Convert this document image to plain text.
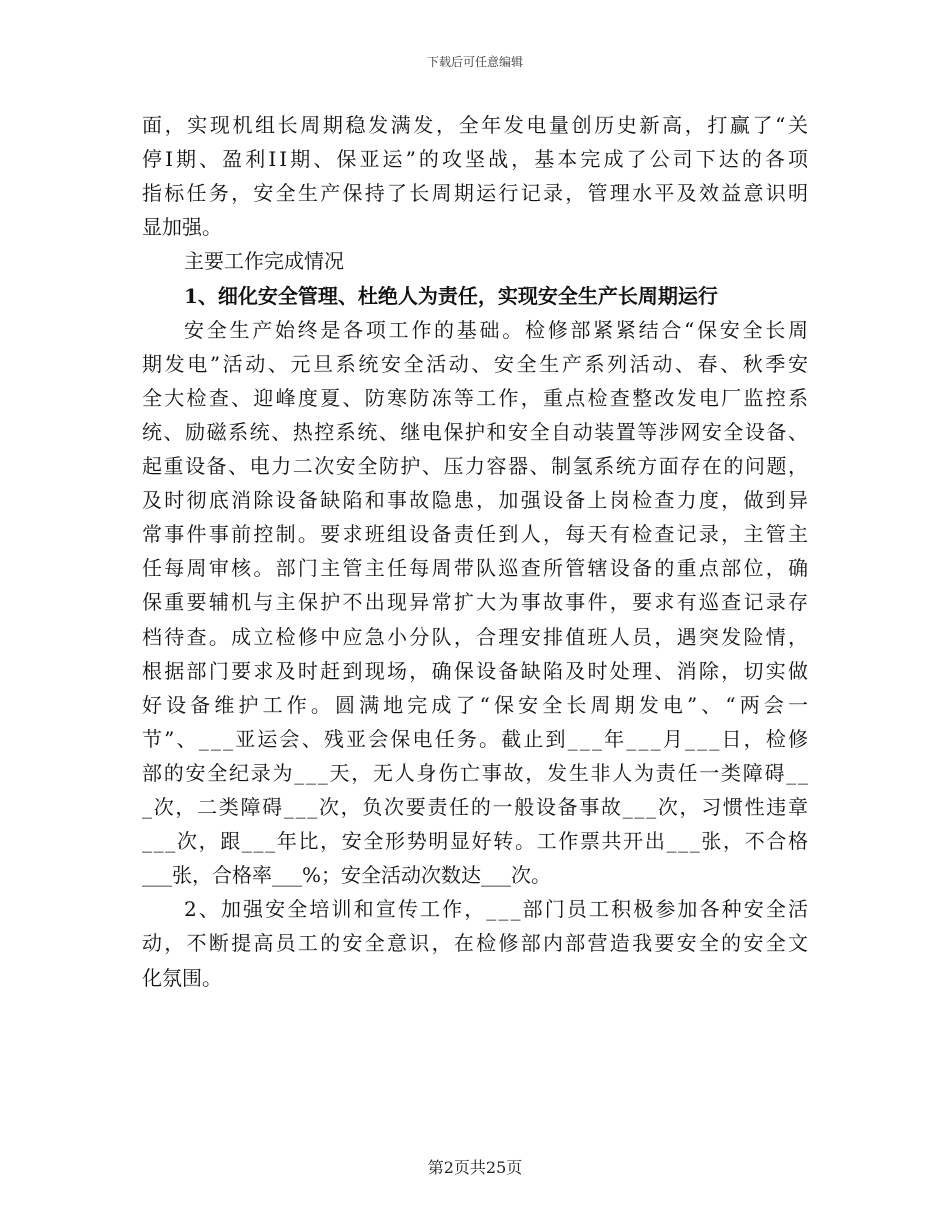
下载后可任意编辑
面，实现机组长周期稳发满发，全年发电量创历史新高，打赢了“关
停Ⅰ期、盈利II期、保亚运”的攻坚战，基本完成了公司下达的各项
指标任务，安全生产保持了长周期运行记录，管理水平及效益意识明
显加强。
主要工作完成情况
1、细化安全管理、杜绝人为责任，实现安全生产长周期运行
安全生产始终是各项工作的基础。检修部紧紧结合“保安全长周
期发电”活动、元旦系统安全活动、安全生产系列活动、春、秋季安
全大检查、迎峰度夏、防寒防冻等工作，重点检查整改发电厂监控系
统、励磁系统、热控系统、继电保护和安全自动装置等涉网安全设备、
起重设备、电力二次安全防护、压力容器、制氢系统方面存在的问题，
及时彻底消除设备缺陷和事故隐患，加强设备上岗检查力度，做到异
常事件事前控制。要求班组设备责任到人，每天有检查记录，主管主
任每周审核。部门主管主任每周带队巡查所管辖设备的重点部位，确
保重要辅机与主保护不出现异常扩大为事故事件，要求有巡查记录存
档待查。成立检修中应急小分队，合理安排值班人员，遇突发险情，
根据部门要求及时赶到现场，确保设备缺陷及时处理、消除，切实做
好设备维护工作。圆满地完成了“保安全长周期发电”、“两会一
节”、___亚运会、残亚会保电任务。截止到___年___月___日，检修
部的安全纪录为___天，无人身伤亡事故，发生非人为责任一类障碍__
_次，二类障碍___次，负次要责任的一般设备事故___次，习惯性违章
___次，跟___年比，安全形势明显好转。工作票共开出___张，不合格
___张，合格率___%；安全活动次数达___次。
2、加强安全培训和宣传工作，___部门员工积极参加各种安全活
动，不断提高员工的安全意识，在检修部内部营造我要安全的安全文
化氛围。
第2页共25页
